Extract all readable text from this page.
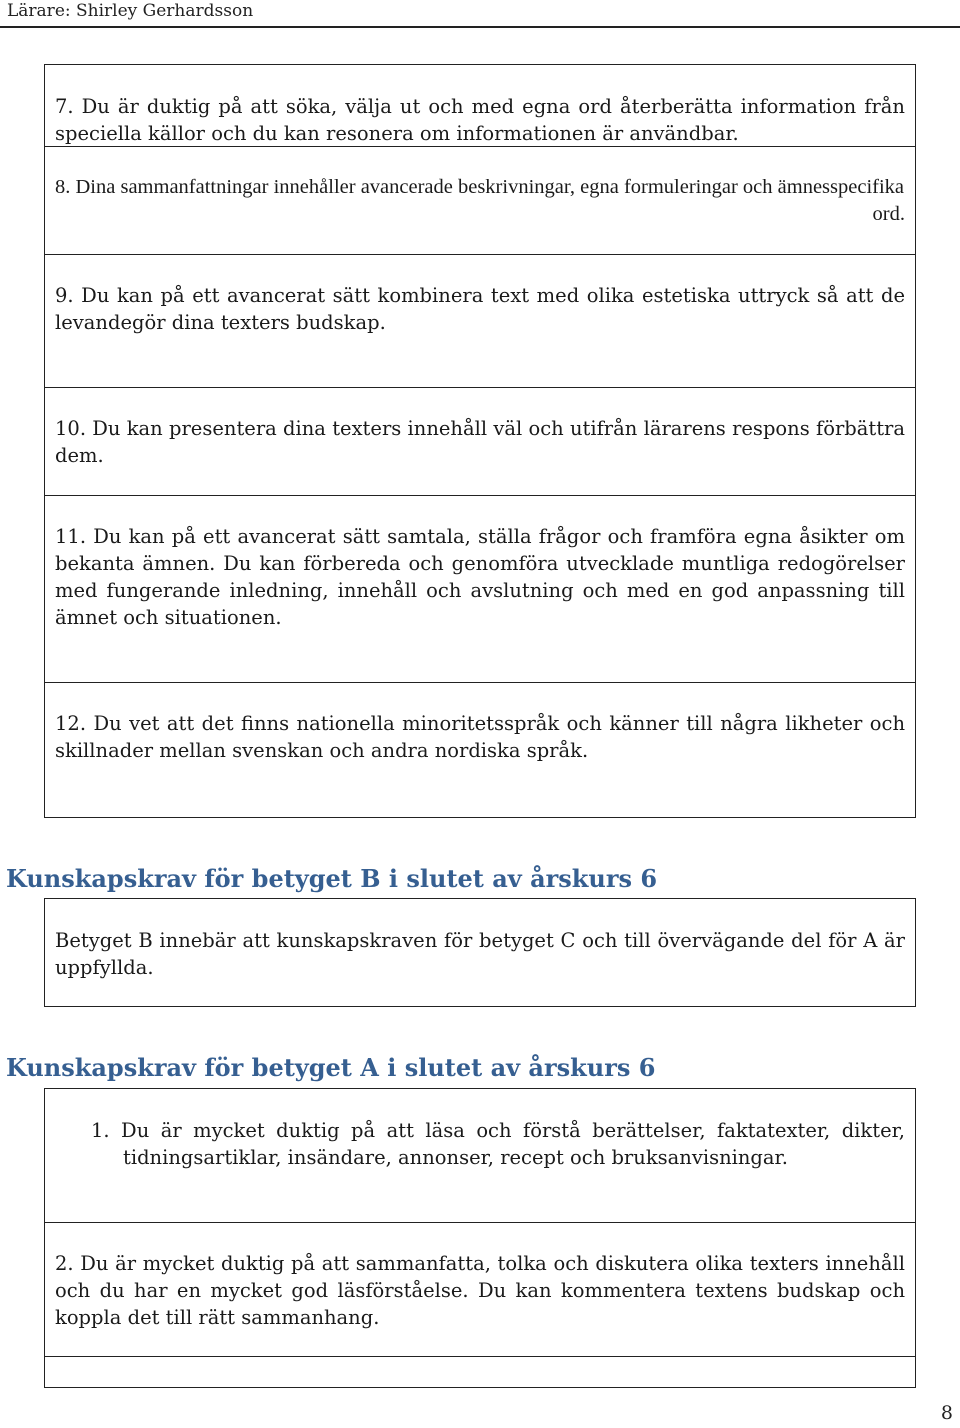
Lärare: Shirley Gerhardsson

7. Du är duktig på att söka, välja ut och med egna ord återberätta information från speciella källor och du kan resonera om informationen är användbar.

8. Dina sammanfattningar innehåller avancerade beskrivningar, egna formuleringar och ämnesspecifika
ord.

9. Du kan på ett avancerat sätt kombinera text med olika estetiska uttryck så att de levandegör dina texters budskap.

10. Du kan presentera dina texters innehåll väl och utifrån lärarens respons förbättra dem.

11. Du kan på ett avancerat sätt samtala, ställa frågor och framföra egna åsikter om bekanta ämnen. Du kan förbereda och genomföra utvecklade muntliga redogörelser med fungerande inledning, innehåll och avslutning och med en god anpassning till ämnet och situationen.

12. Du vet att det finns nationella minoritetsspråk och känner till några likheter och skillnader mellan svenskan och andra nordiska språk.

Kunskapskrav för betyget B i slutet av årskurs 6

Betyget B innebär att kunskapskraven för betyget C och till övervägande del för A är uppfyllda.

Kunskapskrav för betyget A i slutet av årskurs 6

1. Du är mycket duktig på att läsa och förstå berättelser, faktatexter, dikter, tidningsartiklar, insändare, annonser, recept och bruksanvisningar.

2. Du är mycket duktig på att sammanfatta, tolka och diskutera olika texters innehåll och du har en mycket god läsförståelse. Du kan kommentera textens budskap och koppla det till rätt sammanhang.

8
